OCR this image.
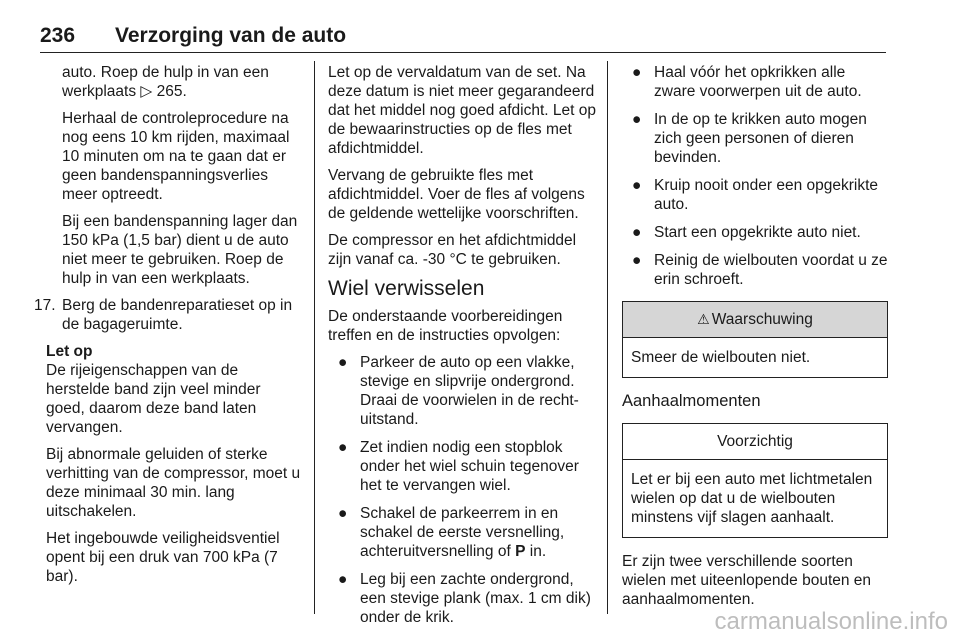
236 Verzorging van de auto

auto. Roep de hulp in van een werkplaats ▷ 265.

Herhaal de controleprocedure na nog eens 10 km rijden, maximaal 10 minuten om na te gaan dat er geen bandenspanningsverlies meer optreedt.

Bij een bandenspanning lager dan 150 kPa (1,5 bar) dient u de auto niet meer te gebruiken. Roep de hulp in van een werkplaats.

17. Berg de bandenreparatieset op in de bagageruimte.
Let op

De rijeigenschappen van de herstelde band zijn veel minder goed, daarom deze band laten vervangen.

Bij abnormale geluiden of sterke verhitting van de compressor, moet u deze minimaal 30 min. lang uitschakelen.

Het ingebouwde veiligheidsventiel opent bij een druk van 700 kPa (7 bar).

Let op de vervaldatum van de set. Na deze datum is niet meer gegarandeerd dat het middel nog goed afdicht. Let op de bewaarinstructies op de fles met afdichtmiddel.

Vervang de gebruikte fles met afdichtmiddel. Voer de fles af volgens de geldende wettelijke voorschriften.

De compressor en het afdichtmiddel zijn vanaf ca. -30 °C te gebruiken.

Wiel verwisselen

De onderstaande voorbereidingen treffen en de instructies opvolgen:

● Parkeer de auto op een vlakke, stevige en slipvrije ondergrond. Draai de voorwielen in de rechtuitstand.
● Zet indien nodig een stopblok onder het wiel schuin tegenover het te vervangen wiel.
● Schakel de parkeerrem in en schakel de eerste versnelling, achteruitversnelling of P in.
● Leg bij een zachte ondergrond, een stevige plank (max. 1 cm dik) onder de krik.
● Haal vóór het opkrikken alle zware voorwerpen uit de auto.
● In de op te krikken auto mogen zich geen personen of dieren bevinden.
● Kruip nooit onder een opgekrikte auto.
● Start een opgekrikte auto niet.
● Reinig de wielbouten voordat u ze erin schroeft.
⚠ Waarschuwing
Smeer de wielbouten niet.
Aanhaalmomenten
Voorzichtig
Let er bij een auto met lichtmetalen wielen op dat u de wielbouten minstens vijf slagen aanhaalt.

Er zijn twee verschillende soorten wielen met uiteenlopende bouten en aanhaalmomenten.

carmanualsonline.info
